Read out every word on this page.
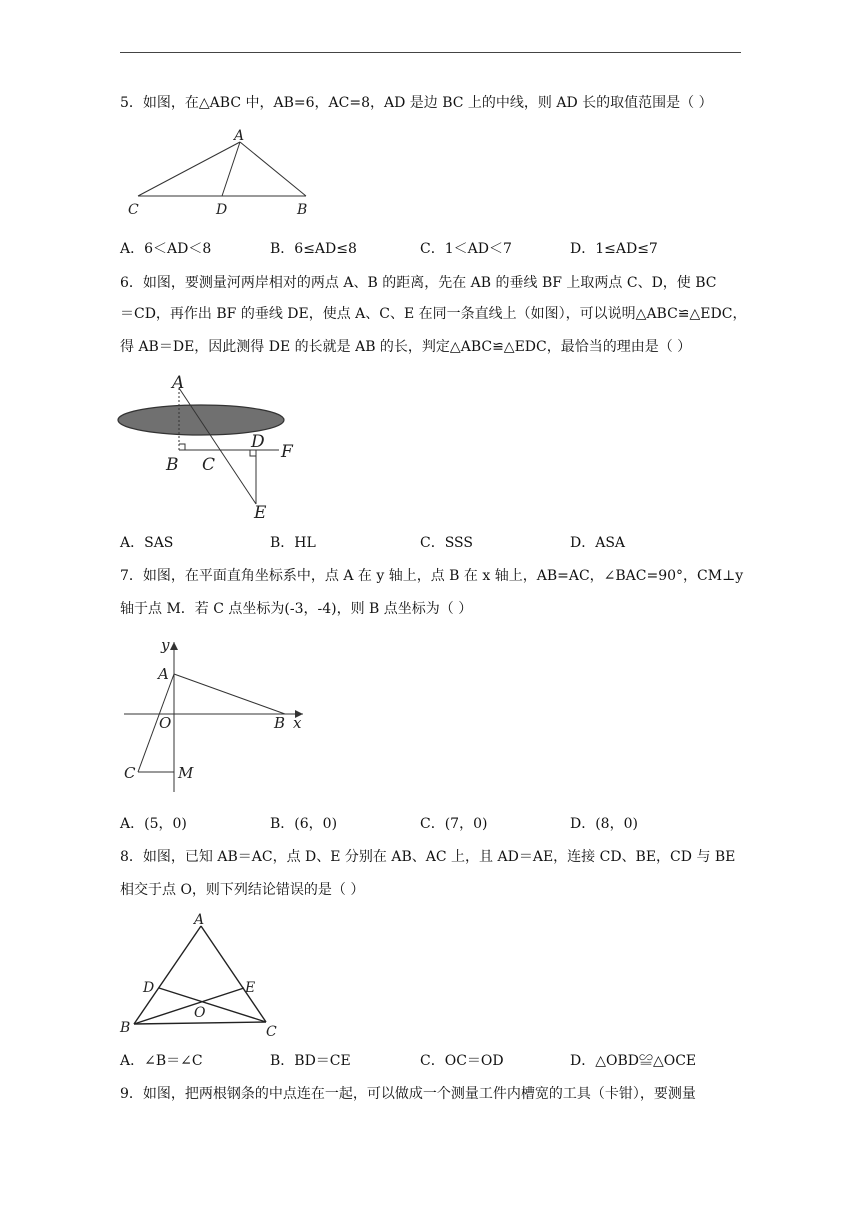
5．如图，在△ABC 中，AB=6，AC=8，AD 是边 BC 上的中线，则 AD 长的取值范围是（ ）
A
C	D	B
A．6＜AD＜8	B．6≤AD≤8	C．1＜AD＜7	D．1≤AD≤7
6．如图，要测量河两岸相对的两点 A、B 的距离，先在 AB 的垂线 BF 上取两点 C、D，使 BC
＝CD，再作出 BF 的垂线 DE，使点 A、C、E 在同一条直线上（如图），可以说明△ABC≌△EDC，
得 AB＝DE，因此测得 DE 的长就是 AB 的长，判定△ABC≌△EDC，最恰当的理由是（ ）
A
B C
D F
E
A．SAS	B．HL	C．SSS	D．ASA
7．如图，在平面直角坐标系中，点 A 在 y 轴上，点 B 在 x 轴上，AB=AC，∠BAC=90°，CM⊥y
轴于点 M．若 C 点坐标为(-3，-4)，则 B 点坐标为（ ）
y
A
O	B x
C	M
A．(5，0)	B．(6，0)	C．(7，0)	D．(8，0)
8．如图，已知 AB＝AC，点 D、E 分别在 AB、AC 上，且 AD＝AE，连接 CD、BE，CD 与 BE
相交于点 O，则下列结论错误的是（ ）
A
D	E
O
B	C
A．∠B＝∠C	B．BD＝CE	C．OC＝OD	D．△OBD≌△OCE
9．如图，把两根钢条的中点连在一起，可以做成一个测量工件内槽宽的工具（卡钳），要测量
